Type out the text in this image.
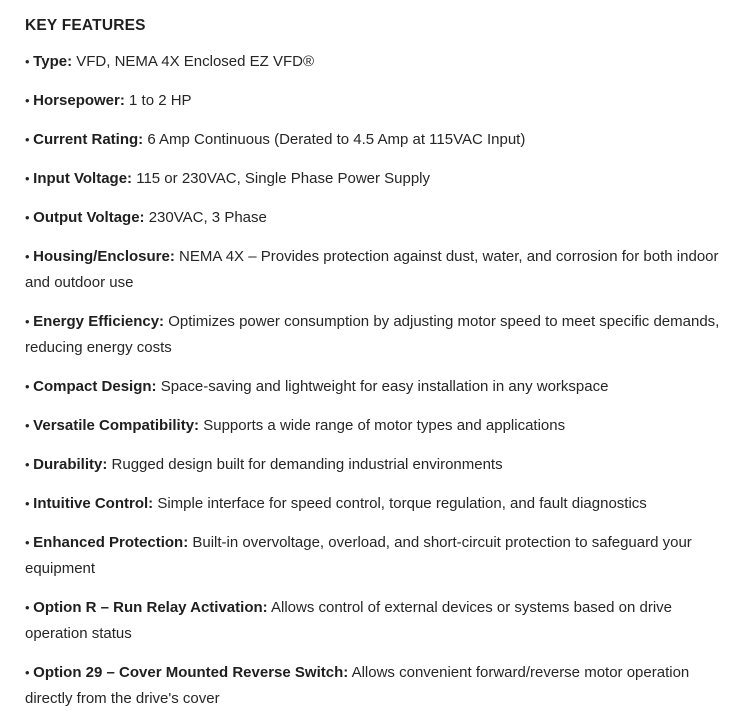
KEY FEATURES

• Type: VFD, NEMA 4X Enclosed EZ VFD®

• Horsepower: 1 to 2 HP

• Current Rating: 6 Amp Continuous (Derated to 4.5 Amp at 115VAC Input)

• Input Voltage: 115 or 230VAC, Single Phase Power Supply

• Output Voltage: 230VAC, 3 Phase

• Housing/Enclosure: NEMA 4X – Provides protection against dust, water, and corrosion for both indoor and outdoor use

• Energy Efficiency: Optimizes power consumption by adjusting motor speed to meet specific demands, reducing energy costs

• Compact Design: Space-saving and lightweight for easy installation in any workspace

• Versatile Compatibility: Supports a wide range of motor types and applications

• Durability: Rugged design built for demanding industrial environments

• Intuitive Control: Simple interface for speed control, torque regulation, and fault diagnostics

• Enhanced Protection: Built-in overvoltage, overload, and short-circuit protection to safeguard your equipment

• Option R – Run Relay Activation: Allows control of external devices or systems based on drive operation status

• Option 29 – Cover Mounted Reverse Switch: Allows convenient forward/reverse motor operation directly from the drive's cover
